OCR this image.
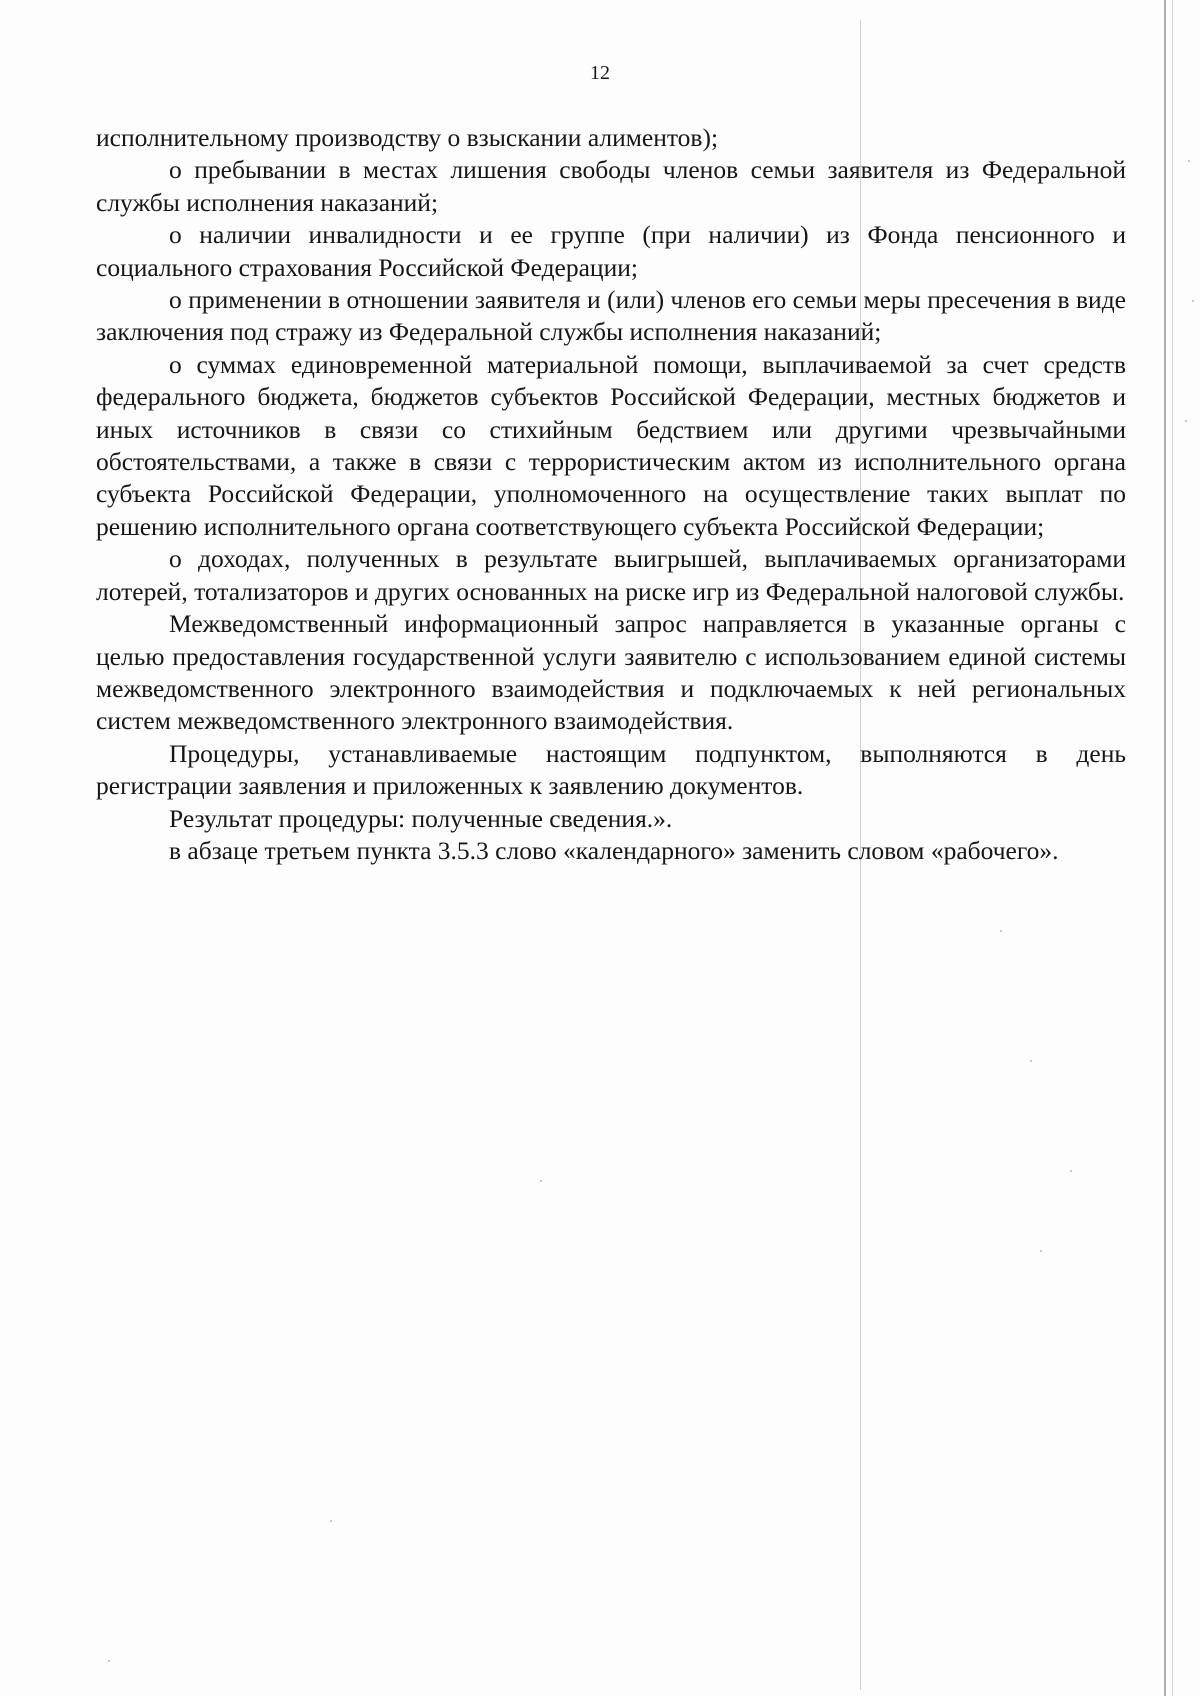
12

исполнительному производству о взыскании алиментов);

о пребывании в местах лишения свободы членов семьи заявителя из Федеральной службы исполнения наказаний;

о наличии инвалидности и ее группе (при наличии) из Фонда пенсионного и социального страхования Российской Федерации;

о применении в отношении заявителя и (или) членов его семьи меры пресечения в виде заключения под стражу из Федеральной службы исполнения наказаний;

о суммах единовременной материальной помощи, выплачиваемой за счет средств федерального бюджета, бюджетов субъектов Российской Федерации, местных бюджетов и иных источников в связи со стихийным бедствием или другими чрезвычайными обстоятельствами, а также в связи с террористическим актом из исполнительного органа субъекта Российской Федерации, уполномоченного на осуществление таких выплат по решению исполнительного органа соответствующего субъекта Российской Федерации;

о доходах, полученных в результате выигрышей, выплачиваемых организаторами лотерей, тотализаторов и других основанных на риске игр из Федеральной налоговой службы.

Межведомственный информационный запрос направляется в указанные органы с целью предоставления государственной услуги заявителю с использованием единой системы межведомственного электронного взаимодействия и подключаемых к ней региональных систем межведомственного электронного взаимодействия.

Процедуры, устанавливаемые настоящим подпунктом, выполняются в день регистрации заявления и приложенных к заявлению документов.

Результат процедуры: полученные сведения.».

в абзаце третьем пункта 3.5.3 слово «календарного» заменить словом «рабочего».
